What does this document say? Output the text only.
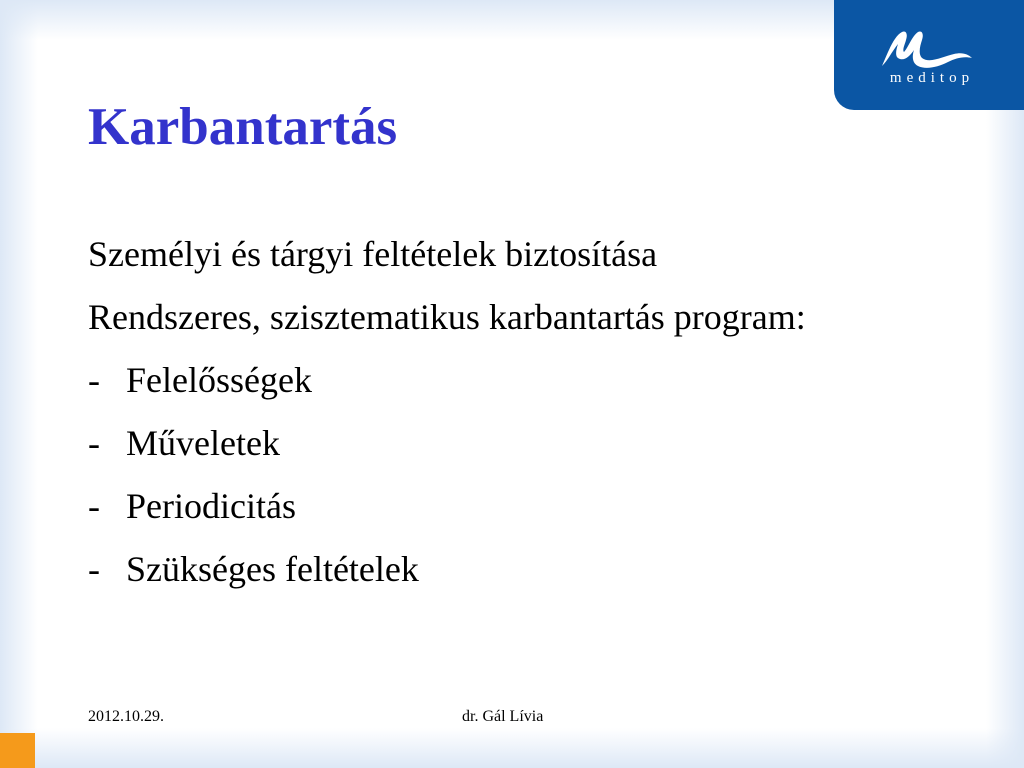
meditop
Karbantartás

Személyi és tárgyi feltételek biztosítása

Rendszeres, szisztematikus karbantartás program:

- Felelősségek
- Műveletek
- Periodicitás
- Szükséges feltételek
2012.10.29.	dr. Gál Lívia
